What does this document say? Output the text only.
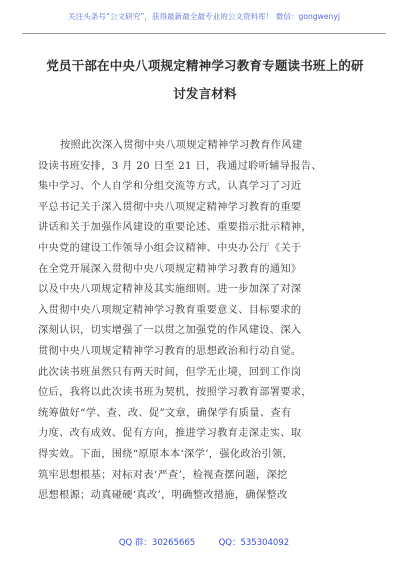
关注头条号“公文研究”，获得最新最全最专业的公文资料库！ 微信：gongwenyj
党员干部在中央八项规定精神学习教育专题读书班上的研
讨发言材料
按照此次深入贯彻中央八项规定精神学习教育作风建
设读书班安排，3 月 20 日至 21 日，我通过聆听辅导报告、
集中学习、个人自学和分组交流等方式，认真学习了习近
平总书记关于深入贯彻中央八项规定精神学习教育的重要
讲话和关于加强作风建设的重要论述、重要指示批示精神，
中央党的建设工作领导小组会议精神、中央办公厅《关于
在全党开展深入贯彻中央八项规定精神学习教育的通知》
以及中央八项规定精神及其实施细则。进一步加深了对深
入贯彻中央八项规定精神学习教育重要意义、目标要求的
深刻认识，切实增强了一以贯之加强党的作风建设、深入
贯彻中央八项规定精神学习教育的思想政治和行动自觉。
此次读书班虽然只有两天时间，但学无止境，回到工作岗
位后，我将以此次读书班为契机，按照学习教育部署要求，
统筹做好“学、查、改、促”文章，确保学有质量、查有
力度、改有成效、促有方向，推进学习教育走深走实、取
得实效。下面，围绕“原原本本‘深学’，强化政治引领，
筑牢思想根基；对标对表‘严查’，检视查摆问题，深挖
思想根源；动真碰硬‘真改’，明确整改措施，确保整改
QQ 群：30265665	QQ：535304092
